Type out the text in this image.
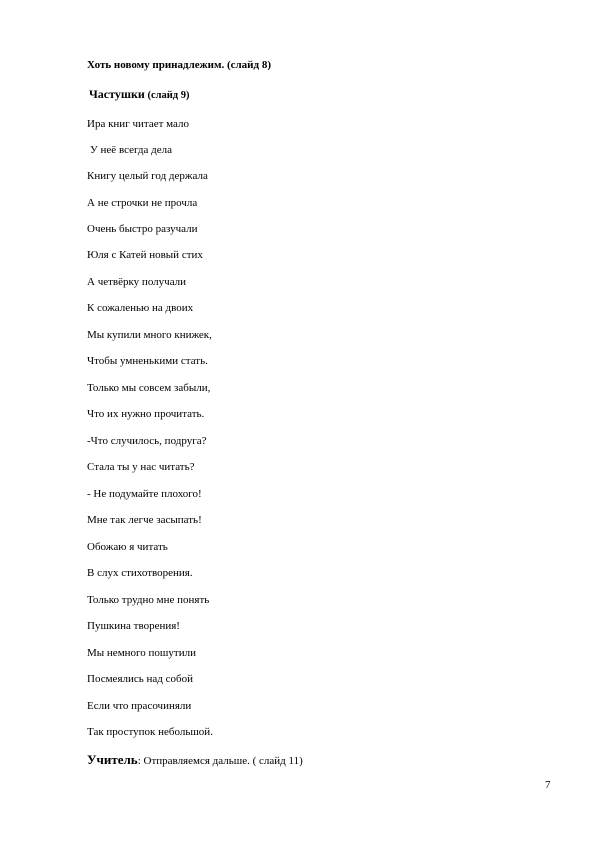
Хоть новому принадлежим. (слайд 8)
Частушки (слайд 9)
Ира книг читает мало
У неё всегда дела
Книгу целый год держала
А не строчки не прочла
Очень быстро разучали
Юля с Катей новый стих
А четвёрку получали
К сожаленью на двоих
Мы купили много книжек,
Чтобы умненькими стать.
Только мы совсем забыли,
Что их нужно прочитать.
-Что случилось, подруга?
Стала ты у нас читать?
- Не подумайте плохого!
Мне так легче засыпать!
Обожаю я читать
В слух стихотворения.
Только трудно мне понять
Пушкина творения!
Мы немного пошутили
Посмеялись над собой
Если что прасочиняли
Так проступок небольшой.
Учитель: Отправляемся дальше. ( слайд 11)
7
